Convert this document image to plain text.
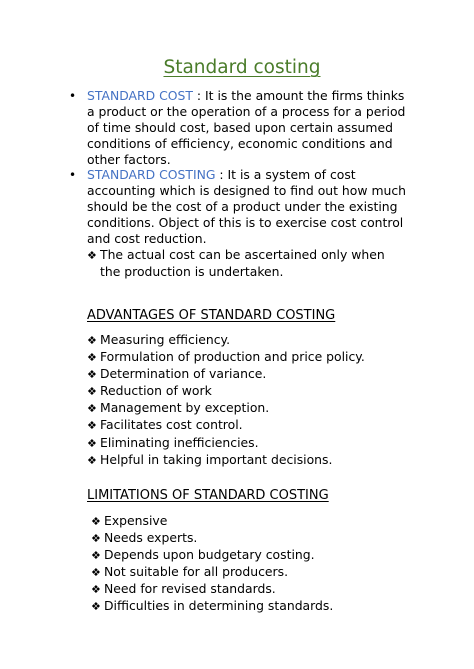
Standard costing
• STANDARD COST : It is the amount the firms thinks
a product or the operation of a process for a period
of time should cost, based upon certain assumed
conditions of efficiency, economic conditions and
other factors.
• STANDARD COSTING : It is a system of cost
accounting which is designed to find out how much
should be the cost of a product under the existing
conditions. Object of this is to exercise cost control
and cost reduction.
❖ The actual cost can be ascertained only when
the production is undertaken.
ADVANTAGES OF STANDARD COSTING
❖ Measuring efficiency.
❖ Formulation of production and price policy.
❖ Determination of variance.
❖ Reduction of work
❖ Management by exception.
❖ Facilitates cost control.
❖ Eliminating inefficiencies.
❖ Helpful in taking important decisions.
LIMITATIONS OF STANDARD COSTING
❖ Expensive
❖ Needs experts.
❖ Depends upon budgetary costing.
❖ Not suitable for all producers.
❖ Need for revised standards.
❖ Difficulties in determining standards.
